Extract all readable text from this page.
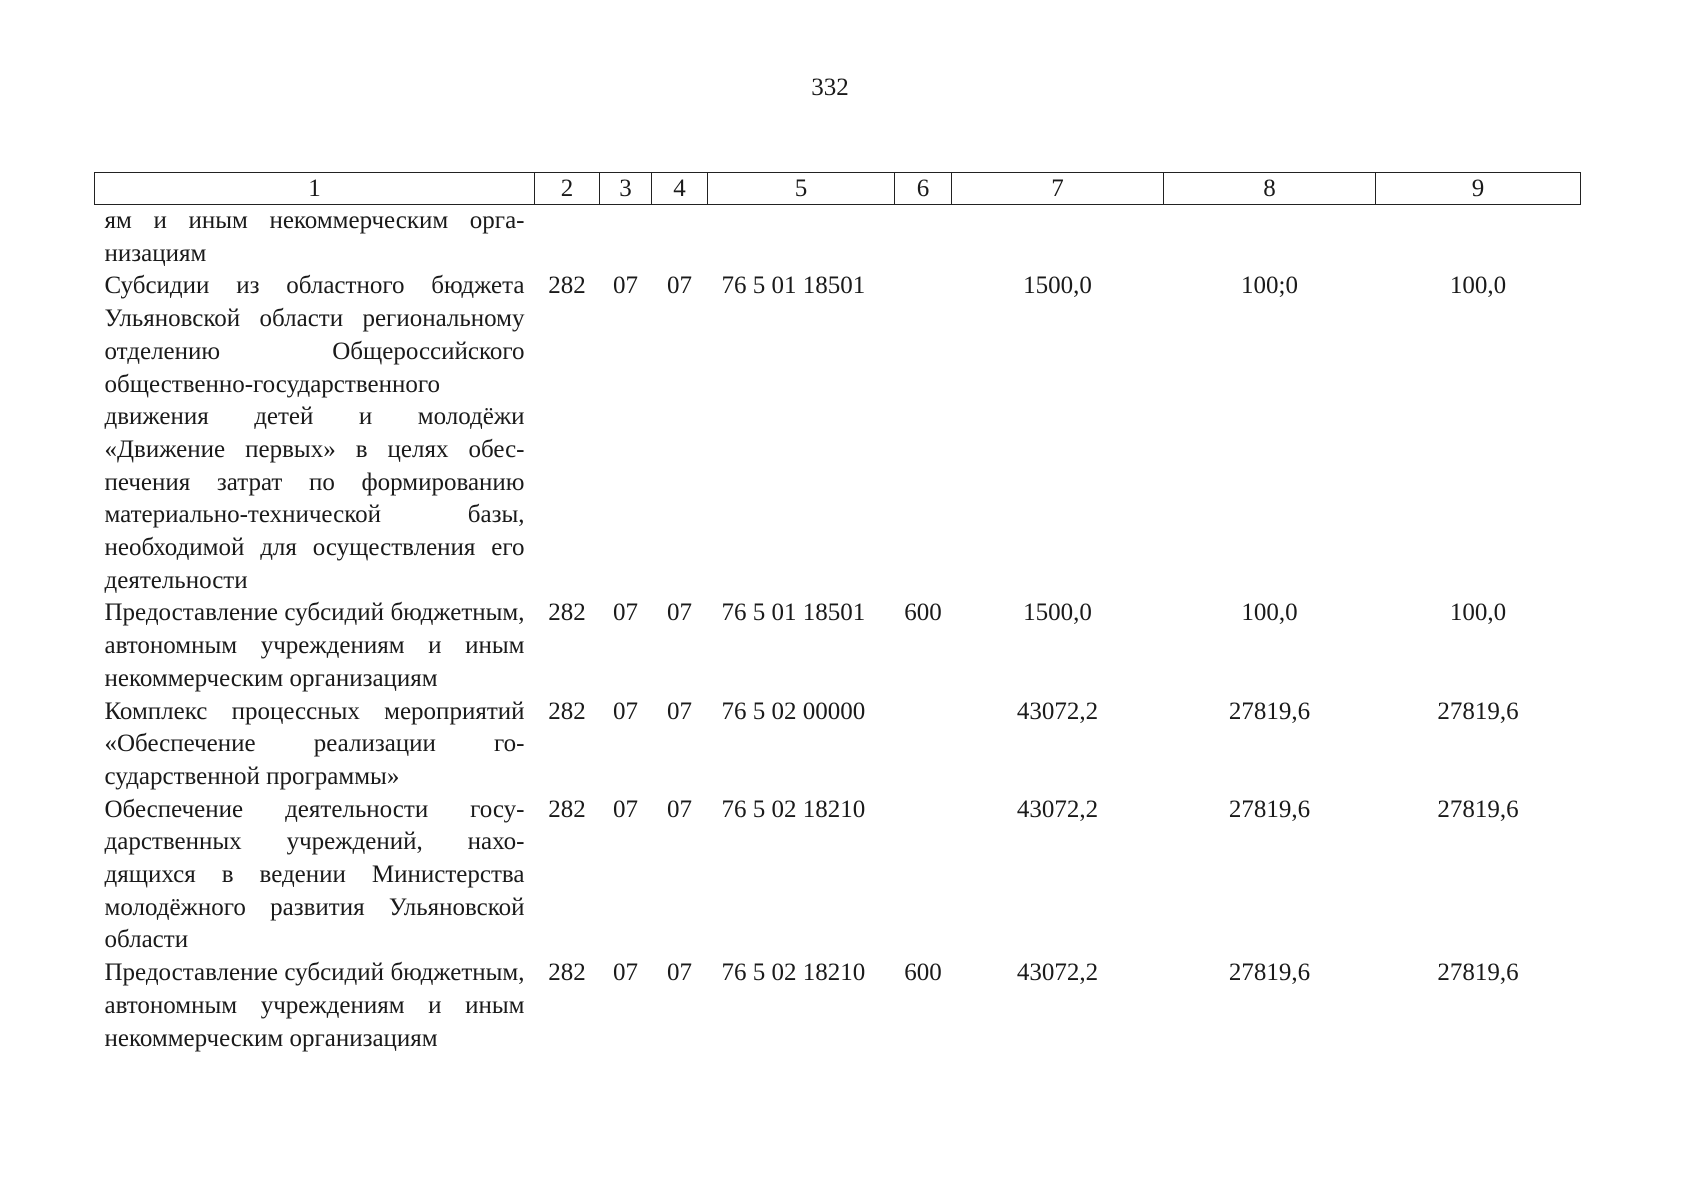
332
1	2	3	4	5	6	7	8	9
ям и иным некоммерческим организациям								
Субсидии из областного бюджета Ульяновской области региональному отделению Общероссийского общественно-государственного движения детей и молодёжи «Движение первых» в целях обеспечения затрат по формированию материально-технической базы, необходимой для осуществления его деятельности	282	07	07	76 5 01 18501		1500,0	100;0	100,0
Предоставление субсидий бюджетным, автономным учреждениям и иным некоммерческим организациям	282	07	07	76 5 01 18501	600	1500,0	100,0	100,0
Комплекс процессных мероприятий «Обеспечение реализации государственной программы»	282	07	07	76 5 02 00000		43072,2	27819,6	27819,6
Обеспечение деятельности государственных учреждений, находящихся в ведении Министерства молодёжного развития Ульяновской области	282	07	07	76 5 02 18210		43072,2	27819,6	27819,6
Предоставление субсидий бюджетным, автономным учреждениям и иным некоммерческим организациям	282	07	07	76 5 02 18210	600	43072,2	27819,6	27819,6
